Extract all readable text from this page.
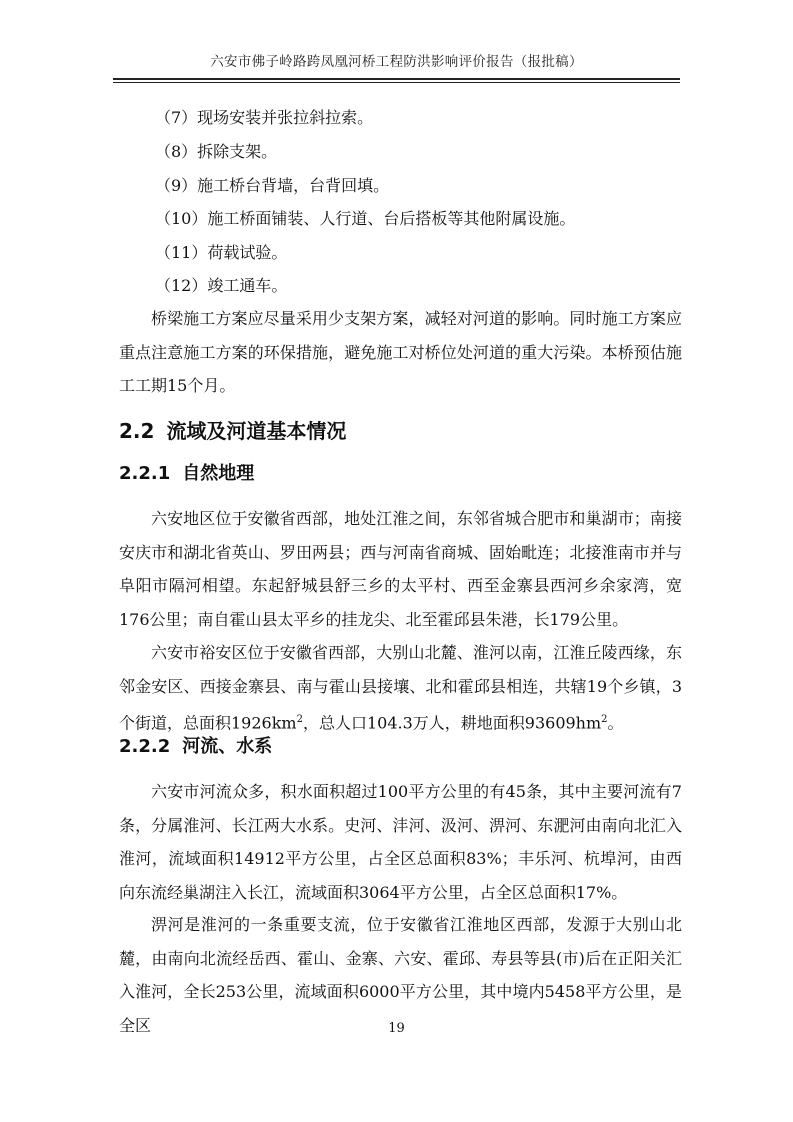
六安市佛子岭路跨凤凰河桥工程防洪影响评价报告（报批稿）
（7）现场安装并张拉斜拉索。
（8）拆除支架。
（9）施工桥台背墙，台背回填。
（10）施工桥面铺装、人行道、台后搭板等其他附属设施。
（11）荷载试验。
（12）竣工通车。

桥梁施工方案应尽量采用少支架方案，减轻对河道的影响。同时施工方案应重点注意施工方案的环保措施，避免施工对桥位处河道的重大污染。本桥预估施工工期15个月。

2.2 流域及河道基本情况
2.2.1 自然地理

六安地区位于安徽省西部，地处江淮之间，东邻省城合肥市和巢湖市；南接安庆市和湖北省英山、罗田两县；西与河南省商城、固始毗连；北接淮南市并与阜阳市隔河相望。东起舒城县舒三乡的太平村、西至金寨县西河乡余家湾，宽176公里；南自霍山县太平乡的挂龙尖、北至霍邱县朱港，长179公里。

六安市裕安区位于安徽省西部，大别山北麓、淮河以南，江淮丘陵西缘，东邻金安区、西接金寨县、南与霍山县接壤、北和霍邱县相连，共辖19个乡镇，3个街道，总面积$1926km^2$，总人口104.3万人，耕地面积$93609hm^2$。

2.2.2 河流、水系

六安市河流众多，积水面积超过100平方公里的有45条，其中主要河流有7条，分属淮河、长江两大水系。史河、沣河、汲河、淠河、东淝河由南向北汇入淮河，流域面积14912平方公里，占全区总面积83%；丰乐河、杭埠河，由西向东流经巢湖注入长江，流域面积3064平方公里，占全区总面积17%。

淠河是淮河的一条重要支流，位于安徽省江淮地区西部，发源于大别山北麓，由南向北流经岳西、霍山、金寨、六安、霍邱、寿县等县(市)后在正阳关汇入淮河，全长253公里，流域面积6000平方公里，其中境内5458平方公里，是全区	19
